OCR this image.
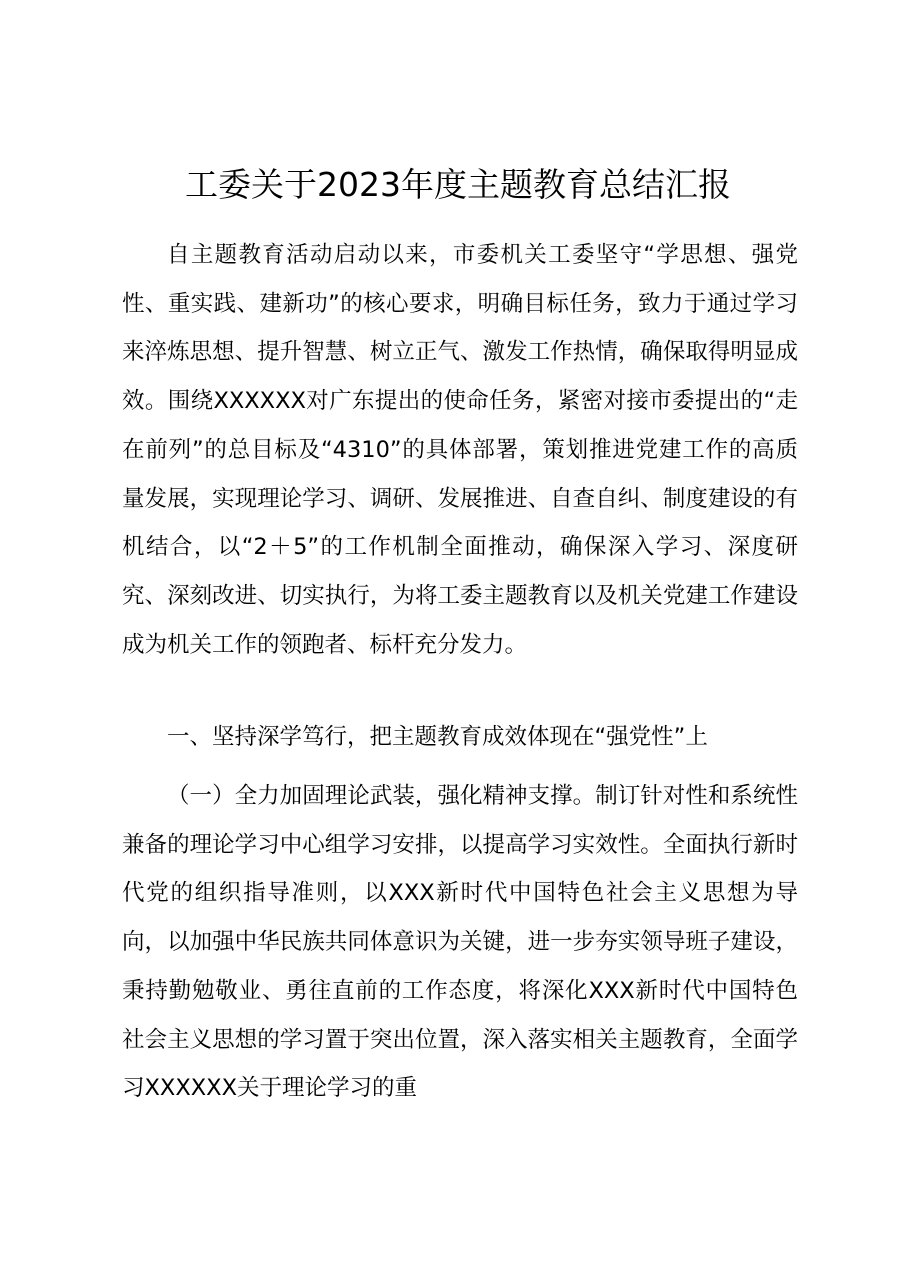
工委关于2023年度主题教育总结汇报

自主题教育活动启动以来，市委机关工委坚守“学思想、强党性、重实践、建新功”的核心要求，明确目标任务，致力于通过学习来淬炼思想、提升智慧、树立正气、激发工作热情，确保取得明显成效。围绕XXXXXX对广东提出的使命任务，紧密对接市委提出的“走在前列”的总目标及“4310”的具体部署，策划推进党建工作的高质量发展，实现理论学习、调研、发展推进、自查自纠、制度建设的有机结合，以“2＋5”的工作机制全面推动，确保深入学习、深度研究、深刻改进、切实执行，为将工委主题教育以及机关党建工作建设成为机关工作的领跑者、标杆充分发力。

一、坚持深学笃行，把主题教育成效体现在“强党性”上

（一）全力加固理论武装，强化精神支撑。制订针对性和系统性兼备的理论学习中心组学习安排，以提高学习实效性。全面执行新时代党的组织指导准则，以XXX新时代中国特色社会主义思想为导向，以加强中华民族共同体意识为关键，进一步夯实领导班子建设，秉持勤勉敬业、勇往直前的工作态度，将深化XXX新时代中国特色社会主义思想的学习置于突出位置，深入落实相关主题教育，全面学习XXXXXX关于理论学习的重
